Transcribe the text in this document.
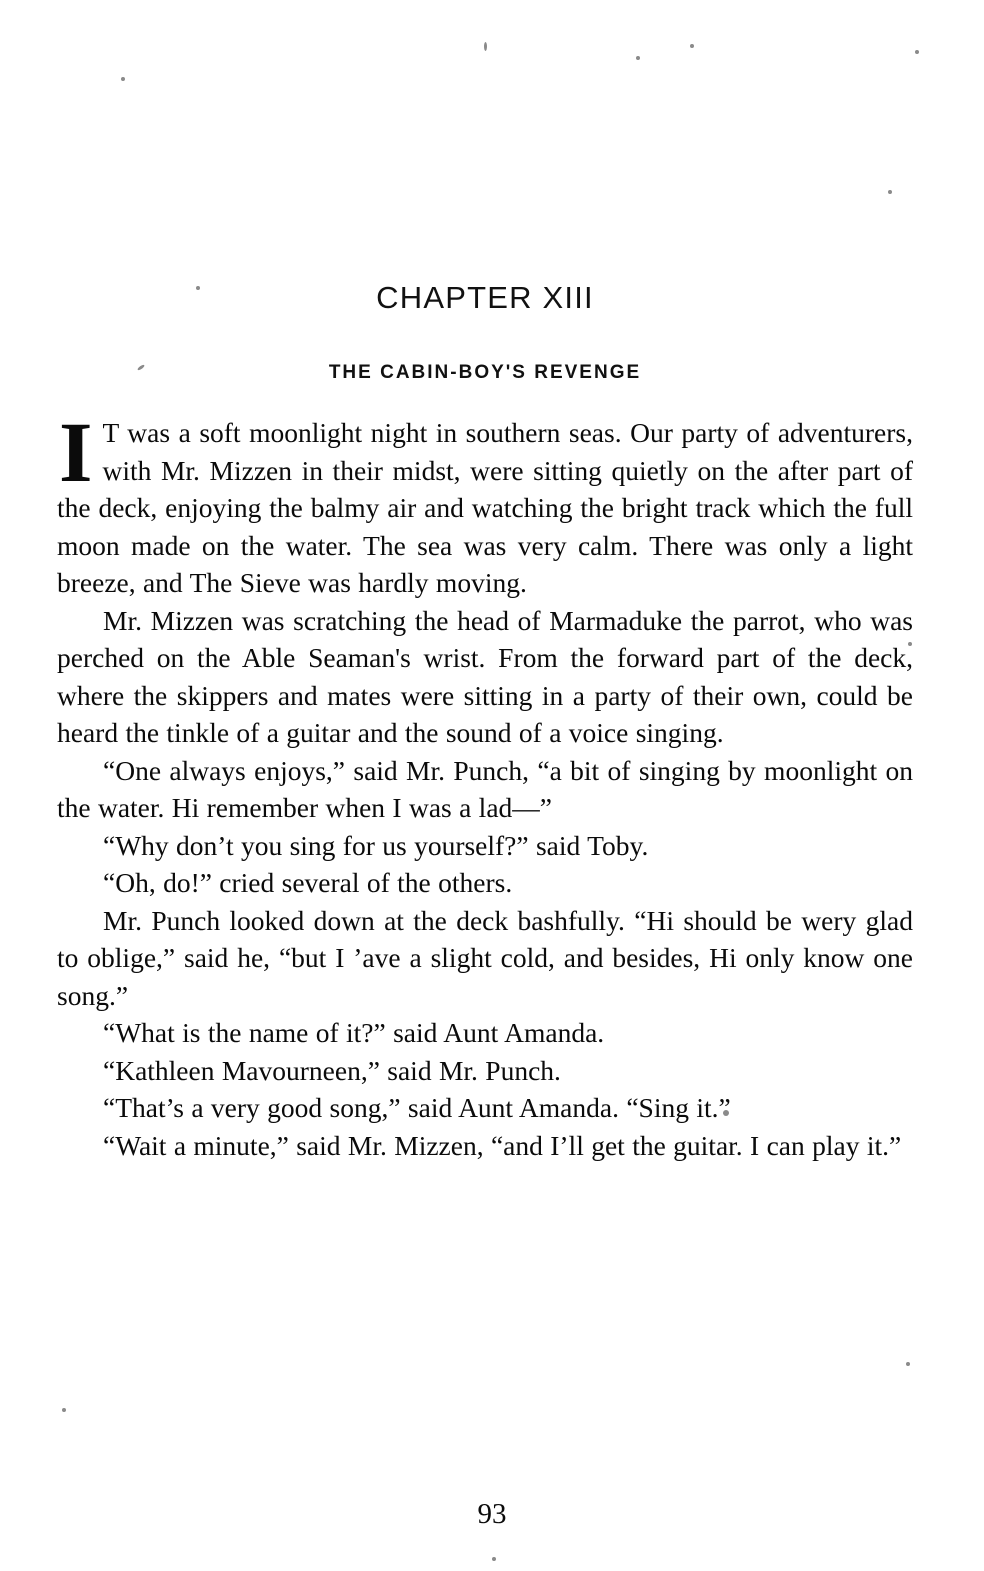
CHAPTER XIII
THE CABIN-BOY'S REVENGE

I T was a soft moonlight night in southern seas. Our party of adventurers, with Mr. Mizzen in their midst, were sitting quietly on the after part of the deck, enjoying the balmy air and watching the bright track which the full moon made on the water. The sea was very calm. There was only a light breeze, and The Sieve was hardly moving.

Mr. Mizzen was scratching the head of Marmaduke the parrot, who was perched on the Able Seaman's wrist. From the forward part of the deck, where the skippers and mates were sitting in a party of their own, could be heard the tinkle of a guitar and the sound of a voice singing.

“One always enjoys,” said Mr. Punch, “a bit of singing by moonlight on the water. Hi remember when I was a lad—”

“Why don’t you sing for us yourself?” said Toby.

“Oh, do!” cried several of the others.

Mr. Punch looked down at the deck bashfully. “Hi should be wery glad to oblige,” said he, “but I ’ave a slight cold, and besides, Hi only know one song.”

“What is the name of it?” said Aunt Amanda.

“Kathleen Mavourneen,” said Mr. Punch.

“That’s a very good song,” said Aunt Amanda. “Sing it.”

“Wait a minute,” said Mr. Mizzen, “and I’ll get the guitar. I can play it.”

93
